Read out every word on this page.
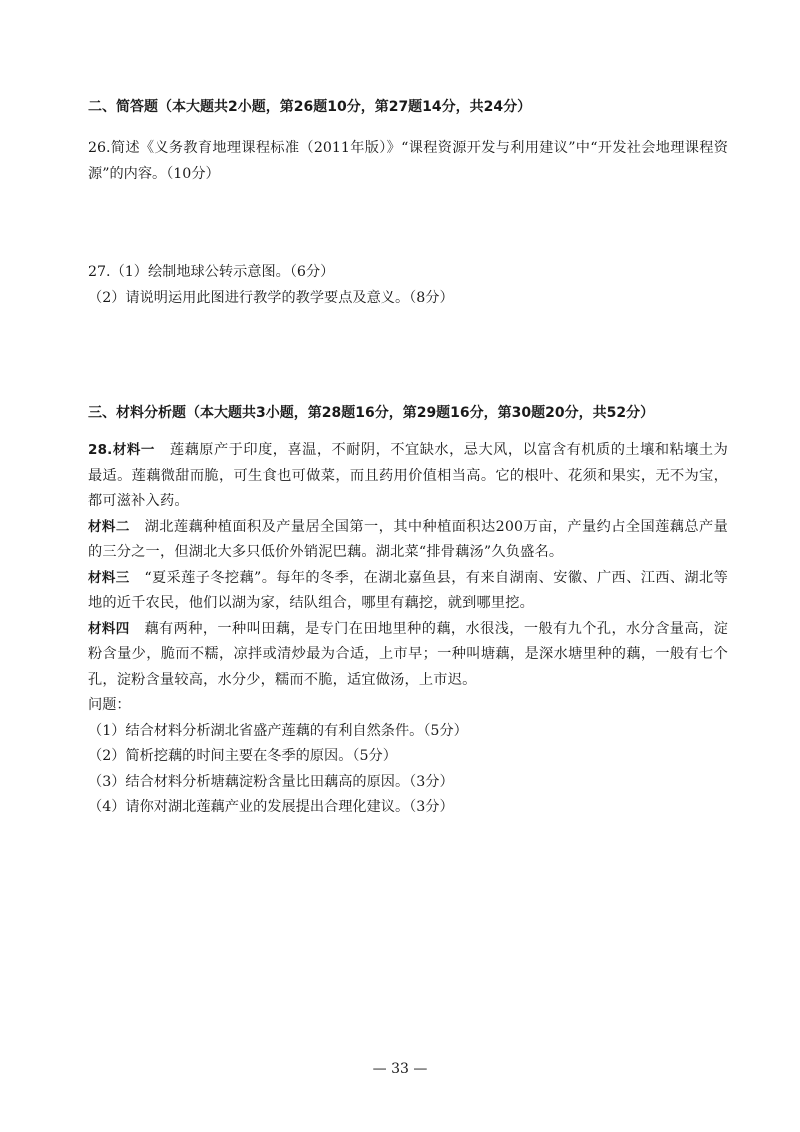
二、简答题（本大题共2小题，第26题10分，第27题14分，共24分）

26.简述《义务教育地理课程标准（2011年版）》“课程资源开发与利用建议”中“开发社会地理课程资源”的内容。（10分）

27.（1）绘制地球公转示意图。（6分）

（2）请说明运用此图进行教学的教学要点及意义。（8分）

三、材料分析题（本大题共3小题，第28题16分，第29题16分，第30题20分，共52分）

28.材料一 莲藕原产于印度，喜温，不耐阴，不宜缺水，忌大风，以富含有机质的土壤和粘壤土为最适。莲藕微甜而脆，可生食也可做菜，而且药用价值相当高。它的根叶、花须和果实，无不为宝，都可滋补入药。

材料二 湖北莲藕种植面积及产量居全国第一，其中种植面积达200万亩，产量约占全国莲藕总产量的三分之一，但湖北大多只低价外销泥巴藕。湖北菜“排骨藕汤”久负盛名。

材料三 “夏采莲子冬挖藕”。每年的冬季，在湖北嘉鱼县，有来自湖南、安徽、广西、江西、湖北等地的近千农民，他们以湖为家，结队组合，哪里有藕挖，就到哪里挖。

材料四 藕有两种，一种叫田藕，是专门在田地里种的藕，水很浅，一般有九个孔，水分含量高，淀粉含量少，脆而不糯，凉拌或清炒最为合适，上市早；一种叫塘藕，是深水塘里种的藕，一般有七个孔，淀粉含量较高，水分少，糯而不脆，适宜做汤，上市迟。

问题：

（1）结合材料分析湖北省盛产莲藕的有利自然条件。（5分）

（2）简析挖藕的时间主要在冬季的原因。（5分）

（3）结合材料分析塘藕淀粉含量比田藕高的原因。（3分）

（4）请你对湖北莲藕产业的发展提出合理化建议。（3分）

— 33 —
